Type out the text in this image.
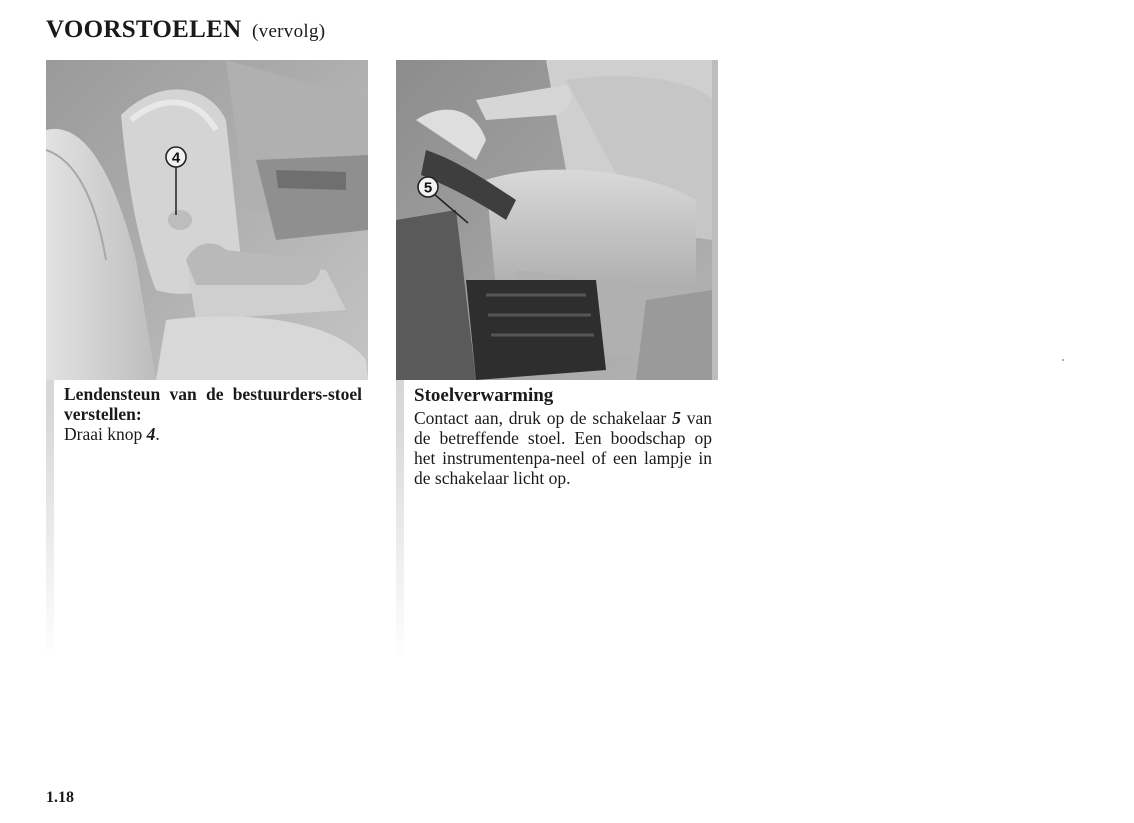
VOORSTOELEN (vervolg)
4
Lendensteun van de bestuurders-stoel verstellen:
Draai knop 4.
5
Stoelverwarming
Contact aan, druk op de schakelaar 5 van de betreffende stoel. Een boodschap op het instrumentenpa-neel of een lampje in de schakelaar licht op.
1.18
